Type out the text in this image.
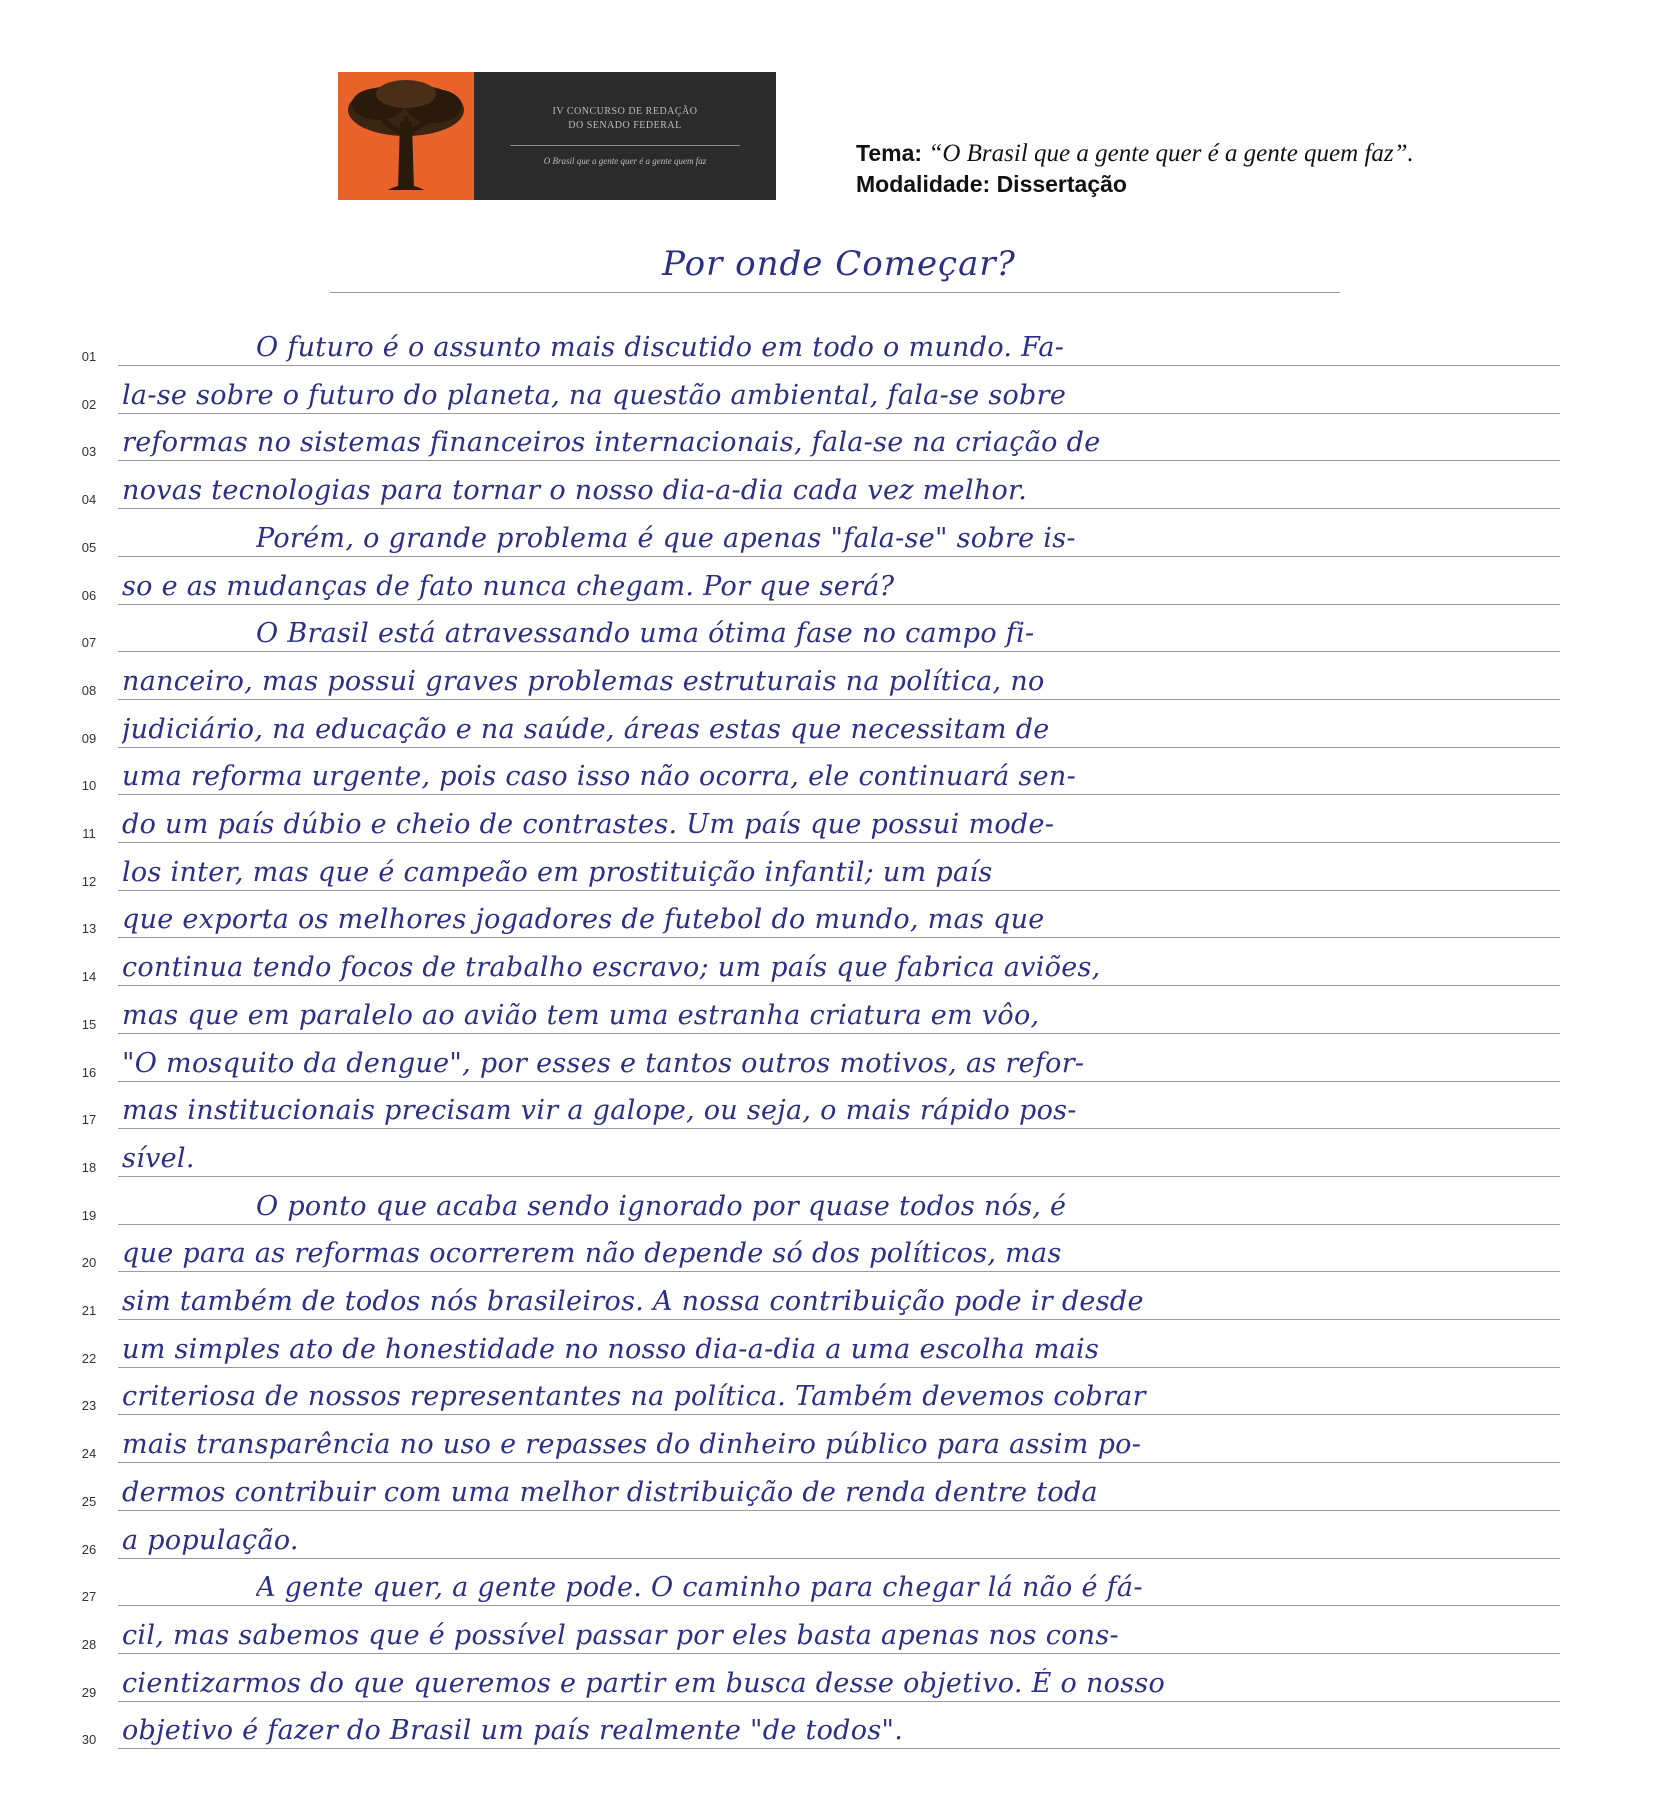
IV CONCURSO DE REDAÇÃO
DO SENADO FEDERAL
O Brasil que a gente quer é a gente quem faz	Tema: “O Brasil que a gente quer é a gente quem faz”.
Modalidade: Dissertação
Por onde Começar?
01	O futuro é o assunto mais discutido em todo o mundo. Fa-
02 la-se sobre o futuro do planeta, na questão ambiental, fala-se sobre
03 reformas no sistemas financeiros internacionais, fala-se na criação de
04 novas tecnologias para tornar o nosso dia-a-dia cada vez melhor.
05	Porém, o grande problema é que apenas "fala-se" sobre is-
06 so e as mudanças de fato nunca chegam. Por que será?
07	O Brasil está atravessando uma ótima fase no campo fi-
08 nanceiro, mas possui graves problemas estruturais na política, no
09 judiciário, na educação e na saúde, áreas estas que necessitam de
10 uma reforma urgente, pois caso isso não ocorra, ele continuará sen-
11 do um país dúbio e cheio de contrastes. Um país que possui mode-
12 los inter, mas que é campeão em prostituição infantil; um país
13 que exporta os melhores jogadores de futebol do mundo, mas que
14 continua tendo focos de trabalho escravo; um país que fabrica aviões,
15 mas que em paralelo ao avião tem uma estranha criatura em vôo,
16 "O mosquito da dengue", por esses e tantos outros motivos, as refor-
17 mas institucionais precisam vir a galope, ou seja, o mais rápido pos-
18 sível.
19	O ponto que acaba sendo ignorado por quase todos nós, é
20 que para as reformas ocorrerem não depende só dos políticos, mas
21 sim também de todos nós brasileiros. A nossa contribuição pode ir desde
22 um simples ato de honestidade no nosso dia-a-dia a uma escolha mais
23 criteriosa de nossos representantes na política. Também devemos cobrar
24 mais transparência no uso e repasses do dinheiro público para assim po-
25 dermos contribuir com uma melhor distribuição de renda dentre toda
26 a população.
27	A gente quer, a gente pode. O caminho para chegar lá não é fá-
28 cil, mas sabemos que é possível passar por eles basta apenas nos cons-
29 cientizarmos do que queremos e partir em busca desse objetivo. É o nosso
30 objetivo é fazer do Brasil um país realmente "de todos".
